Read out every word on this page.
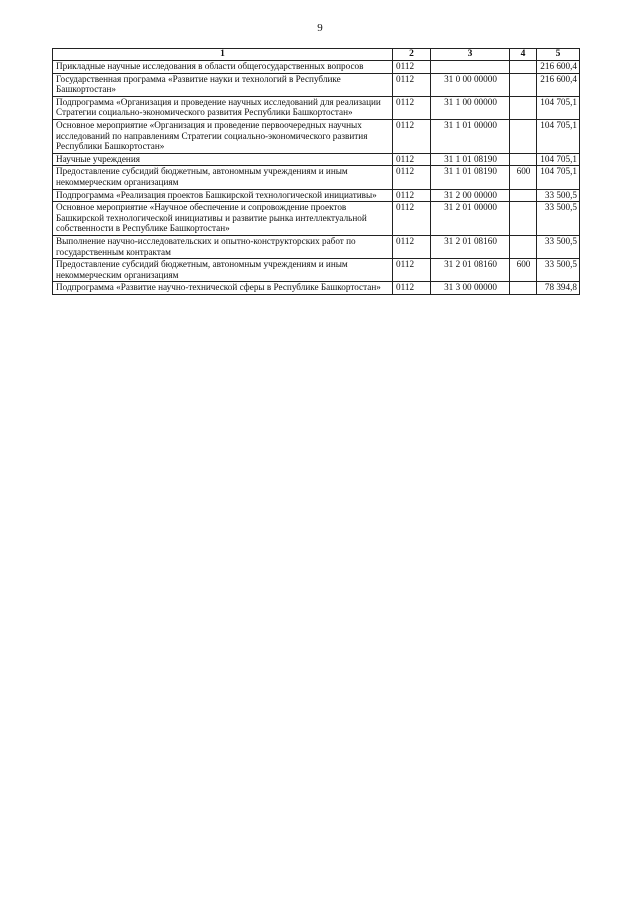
9
1	2	3	4	5
Прикладные научные исследования в области общегосударственных вопросов	0112			216 600,4
Государственная программа «Развитие науки и технологий в Республике Башкортостан»	0112	31 0 00 00000		216 600,4
Подпрограмма «Организация и проведение научных исследований для реализации Стратегии социально-экономического развития Республики Башкортостан»	0112	31 1 00 00000		104 705,1
Основное мероприятие «Организация и проведение первоочередных научных исследований по направлениям Стратегии социально-экономического развития Республики Башкортостан»	0112	31 1 01 00000		104 705,1
Научные учреждения	0112	31 1 01 08190		104 705,1
Предоставление субсидий бюджетным, автономным учреждениям и иным некоммерческим организациям	0112	31 1 01 08190	600	104 705,1
Подпрограмма «Реализация проектов Башкирской технологической инициативы»	0112	31 2 00 00000		33 500,5
Основное мероприятие «Научное обеспечение и сопровождение проектов Башкирской технологической инициативы и развитие рынка интеллектуальной собственности в Республике Башкортостан»	0112	31 2 01 00000		33 500,5
Выполнение научно-исследовательских и опытно-конструкторских работ по государственным контрактам	0112	31 2 01 08160		33 500,5
Предоставление субсидий бюджетным, автономным учреждениям и иным некоммерческим организациям	0112	31 2 01 08160	600	33 500,5
Подпрограмма «Развитие научно-технической сферы в Республике Башкортостан»	0112	31 3 00 00000		78 394,8
